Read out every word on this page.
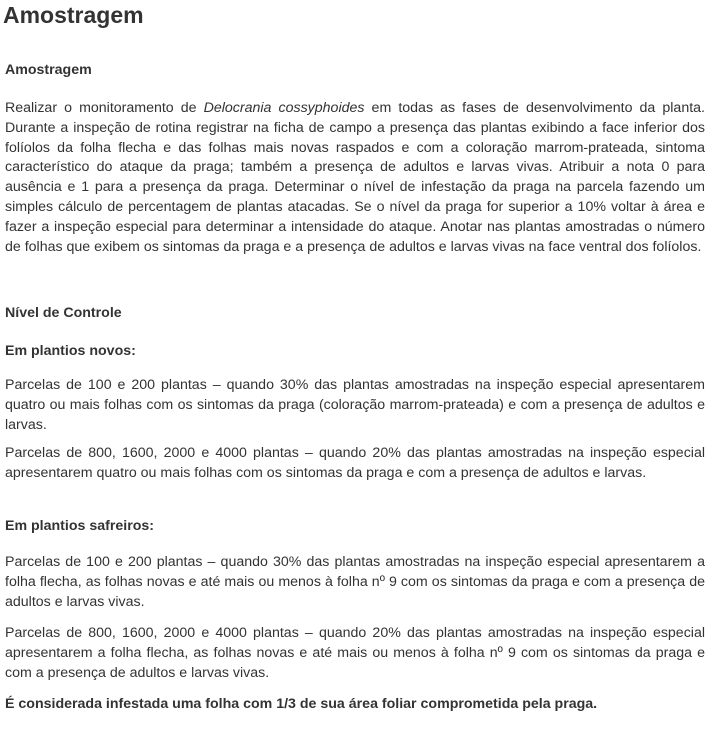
Amostragem
Amostragem

Realizar o monitoramento de Delocrania cossyphoides em todas as fases de desenvolvimento da planta. Durante a inspeção de rotina registrar na ficha de campo a presença das plantas exibindo a face inferior dos folíolos da folha flecha e das folhas mais novas raspados e com a coloração marrom-prateada, sintoma característico do ataque da praga; também a presença de adultos e larvas vivas. Atribuir a nota 0 para ausência e 1 para a presença da praga. Determinar o nível de infestação da praga na parcela fazendo um simples cálculo de percentagem de plantas atacadas. Se o nível da praga for superior a 10% voltar à área e fazer a inspeção especial para determinar a intensidade do ataque. Anotar nas plantas amostradas o número de folhas que exibem os sintomas da praga e a presença de adultos e larvas vivas na face ventral dos folíolos.

Nível de Controle
Em plantios novos:

Parcelas de 100 e 200 plantas – quando 30% das plantas amostradas na inspeção especial apresentarem quatro ou mais folhas com os sintomas da praga (coloração marrom-prateada) e com a presença de adultos e larvas.

Parcelas de 800, 1600, 2000 e 4000 plantas – quando 20% das plantas amostradas na inspeção especial apresentarem quatro ou mais folhas com os sintomas da praga e com a presença de adultos e larvas.

Em plantios safreiros:

Parcelas de 100 e 200 plantas – quando 30% das plantas amostradas na inspeção especial apresentarem a folha flecha, as folhas novas e até mais ou menos à folha nº 9 com os sintomas da praga e com a presença de adultos e larvas vivas.

Parcelas de 800, 1600, 2000 e 4000 plantas – quando 20% das plantas amostradas na inspeção especial apresentarem a folha flecha, as folhas novas e até mais ou menos à folha nº 9 com os sintomas da praga e com a presença de adultos e larvas vivas.

É considerada infestada uma folha com 1/3 de sua área foliar comprometida pela praga.
